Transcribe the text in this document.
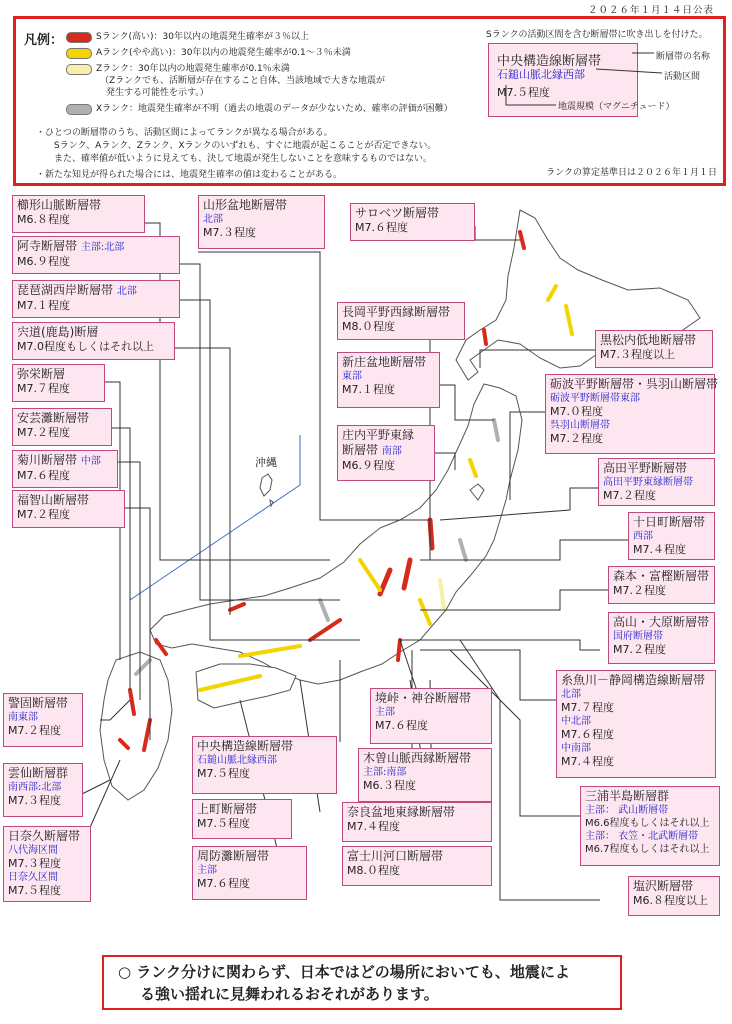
２０２６年１月１４日公表
凡例：	Sランク(高い)：30年以内の地震発生確率が３％以上
Aランク(やや高い)：30年以内の地震発生確率が0.1～３％未満
Zランク：30年以内の地震発生確率が0.1％未満
（Zランクでも、活断層が存在すること自体、当該地域で大きな地震が
発生する可能性を示す。）
Xランク：地震発生確率が不明（過去の地震のデータが少ないため、確率の評価が困難）
・ひとつの断層帯のうち、活動区間によってランクが異なる場合がある。
Sランク、Aランク、Zランク、Xランクのいずれも、すぐに地震が起こることが否定できない。
また、確率値が低いように見えても、決して地震が発生しないことを意味するものではない。
・新たな知見が得られた場合には、地震発生確率の値は変わることがある。
Sランクの活動区間を含む断層帯に吹き出しを付けた。
中央構造線断層帯
石鎚山脈北縁西部
M7.５程度
断層帯の名称
活動区間
地震規模（マグニチュード）
ランクの算定基準日は２０２６年１月１日
沖縄
櫛形山脈断層帯
M6.８程度
阿寺断層帯 主部:北部
M6.９程度
琵琶湖西岸断層帯 北部
M7.１程度
宍道(鹿島)断層
M7.0程度もしくはそれ以上
弥栄断層
M7.７程度
安芸灘断層帯
M7.２程度
菊川断層帯 中部
M7.６程度
福智山断層帯
M7.２程度
山形盆地断層帯
北部
M7.３程度
サロベツ断層帯
M7.６程度
長岡平野西縁断層帯
M8.０程度
新庄盆地断層帯
東部
M7.１程度
庄内平野東縁
断層帯 南部
M6.９程度
黒松内低地断層帯
M7.３程度以上
砺波平野断層帯・呉羽山断層帯
砺波平野断層帯東部
M7.０程度
呉羽山断層帯
M7.２程度
高田平野断層帯
高田平野東縁断層帯
M7.２程度
十日町断層帯
西部
M7.４程度
森本・富樫断層帯
M7.２程度
高山・大原断層帯
国府断層帯
M7.２程度
糸魚川－静岡構造線断層帯
北部
M7.７程度
中北部
M7.６程度
中南部
M7.４程度
警固断層帯
南東部
M7.２程度
雲仙断層群
南西部:北部
M7.３程度
日奈久断層帯
八代海区間
M7.３程度
日奈久区間
M7.５程度
中央構造線断層帯
石鎚山脈北縁西部
M7.５程度
上町断層帯
M7.５程度
周防灘断層帯
主部
M7.６程度
境峠・神谷断層帯
主部
M7.６程度
木曽山脈西縁断層帯
主部:南部
M6.３程度
奈良盆地東縁断層帯
M7.４程度
富士川河口断層帯
M8.０程度
三浦半島断層群
主部： 武山断層帯
M6.6程度もしくはそれ以上
主部： 衣笠・北武断層帯
M6.7程度もしくはそれ以上
塩沢断層帯
M6.８程度以上
○ ランク分けに関わらず、日本ではどの場所においても、地震によ
る強い揺れに見舞われるおそれがあります。
